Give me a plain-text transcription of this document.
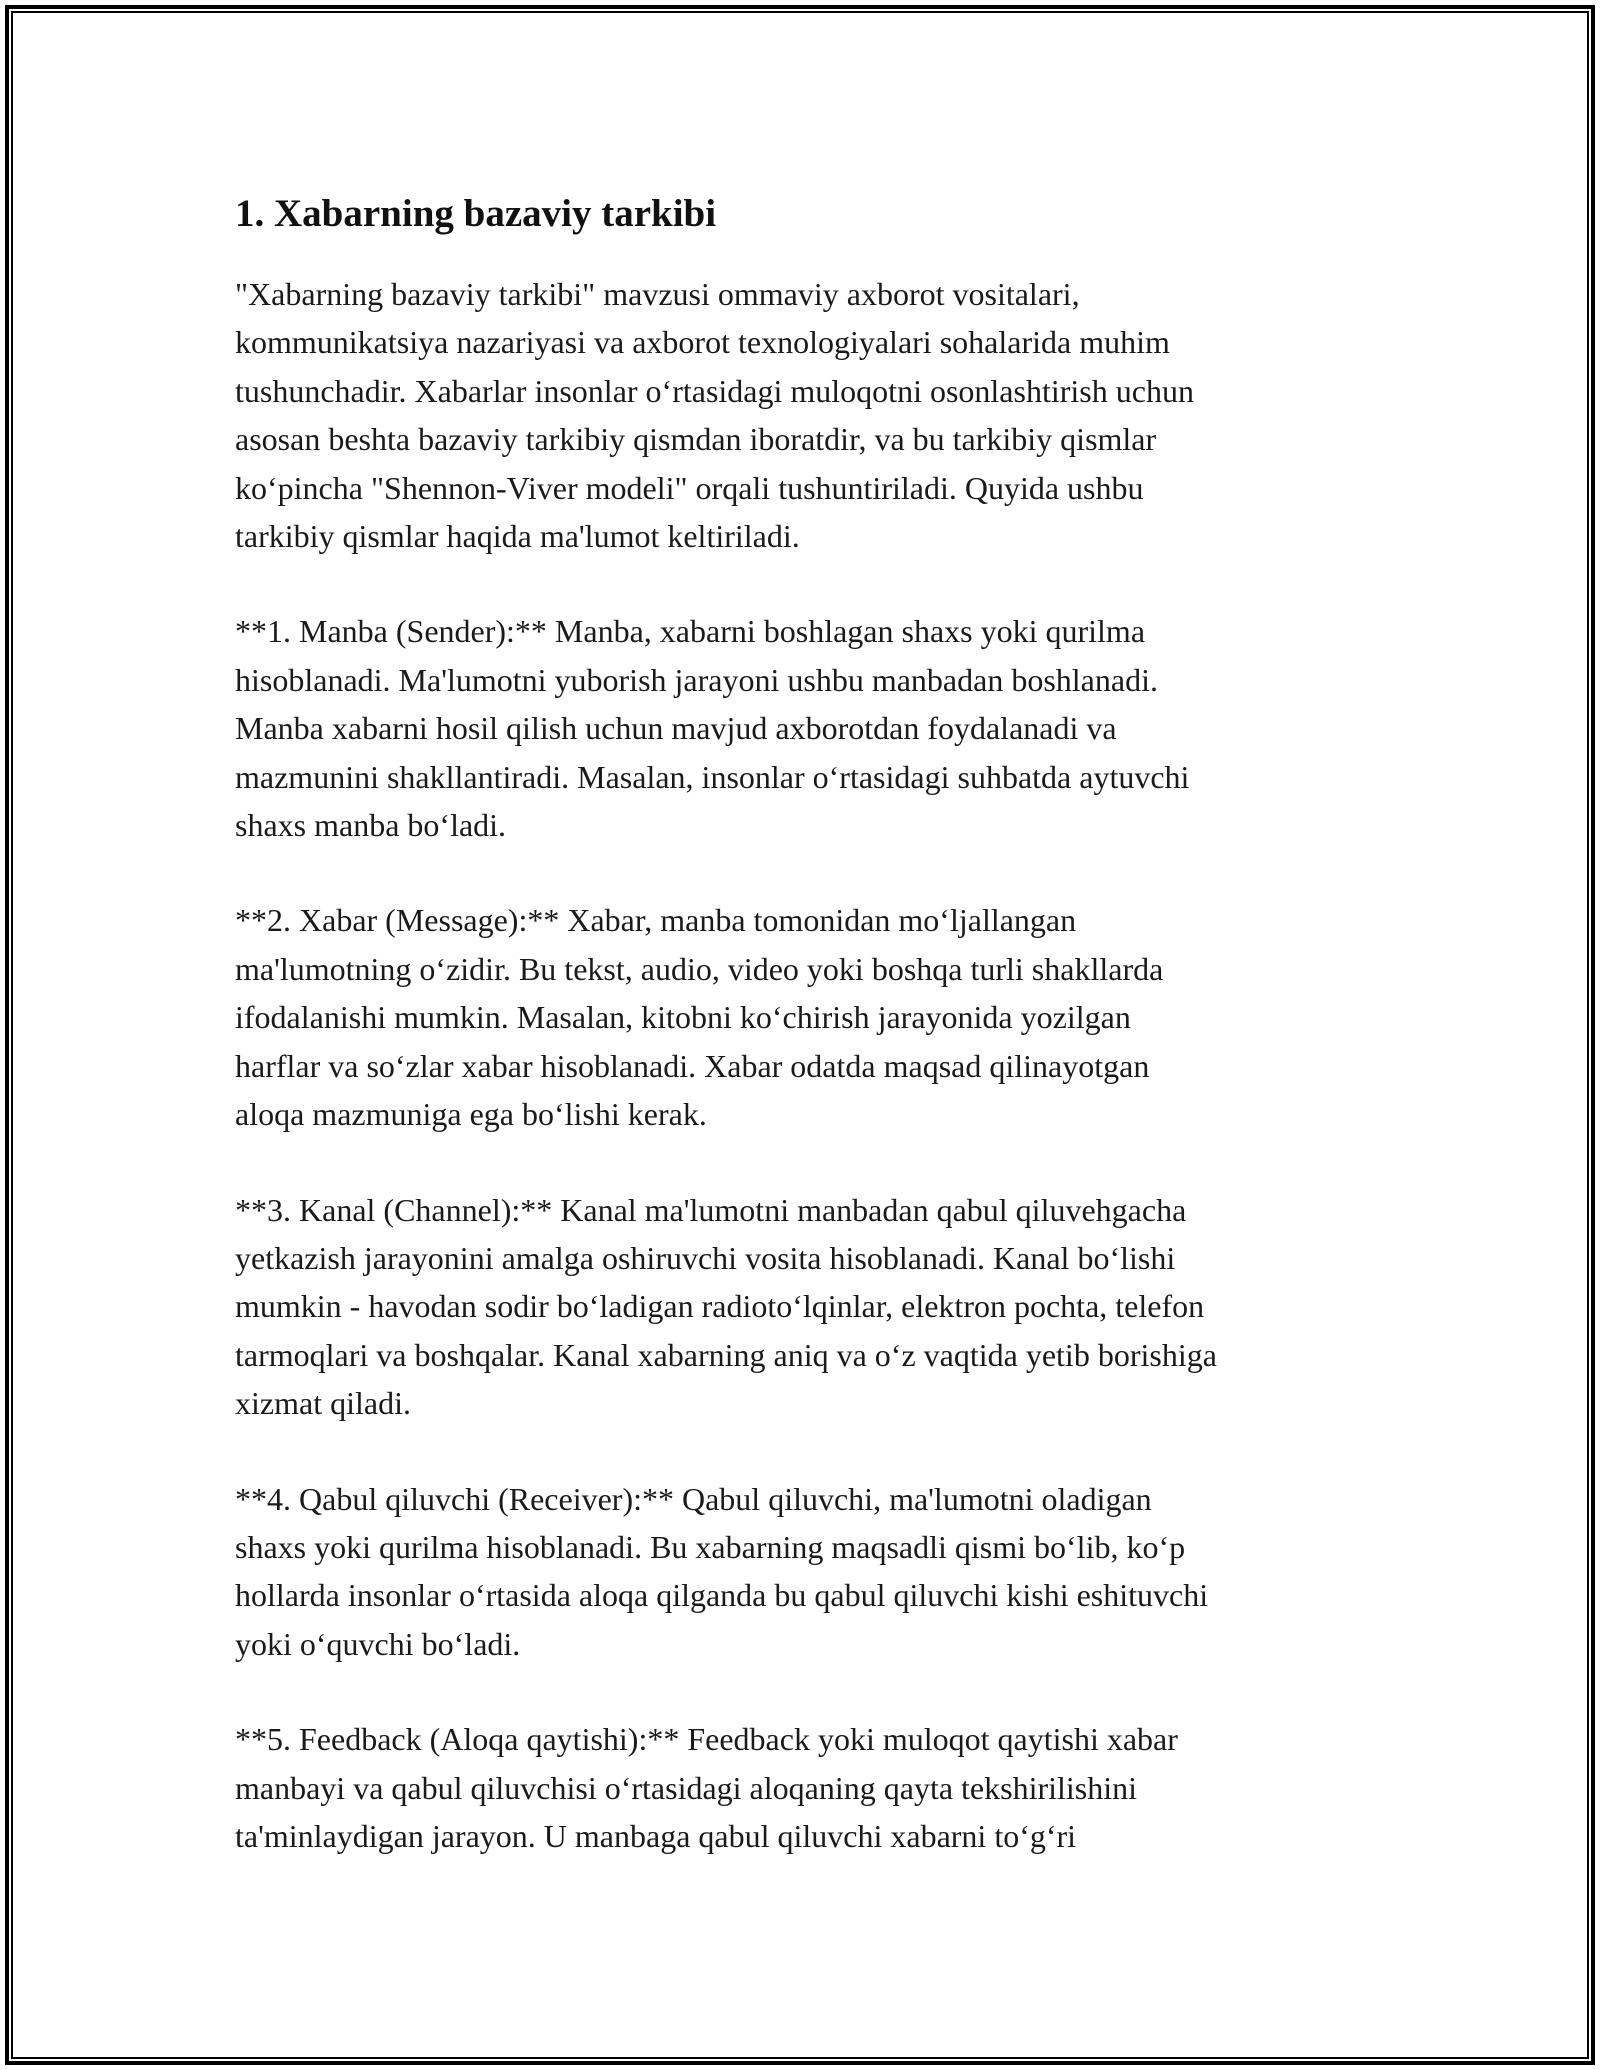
1. Xabarning bazaviy tarkibi

"Xabarning bazaviy tarkibi" mavzusi ommaviy axborot vositalari,
kommunikatsiya nazariyasi va axborot texnologiyalari sohalarida muhim
tushunchadir. Xabarlar insonlar o‘rtasidagi muloqotni osonlashtirish uchun
asosan beshta bazaviy tarkibiy qismdan iboratdir, va bu tarkibiy qismlar
ko‘pincha "Shennon-Viver modeli" orqali tushuntiriladi. Quyida ushbu
tarkibiy qismlar haqida ma'lumot keltiriladi.

**1. Manba (Sender):** Manba, xabarni boshlagan shaxs yoki qurilma
hisoblanadi. Ma'lumotni yuborish jarayoni ushbu manbadan boshlanadi.
Manba xabarni hosil qilish uchun mavjud axborotdan foydalanadi va
mazmunini shakllantiradi. Masalan, insonlar o‘rtasidagi suhbatda aytuvchi
shaxs manba bo‘ladi.

**2. Xabar (Message):** Xabar, manba tomonidan mo‘ljallangan
ma'lumotning o‘zidir. Bu tekst, audio, video yoki boshqa turli shakllarda
ifodalanishi mumkin. Masalan, kitobni ko‘chirish jarayonida yozilgan
harflar va so‘zlar xabar hisoblanadi. Xabar odatda maqsad qilinayotgan
aloqa mazmuniga ega bo‘lishi kerak.

**3. Kanal (Channel):** Kanal ma'lumotni manbadan qabul qiluvehgacha
yetkazish jarayonini amalga oshiruvchi vosita hisoblanadi. Kanal bo‘lishi
mumkin - havodan sodir bo‘ladigan radioto‘lqinlar, elektron pochta, telefon
tarmoqlari va boshqalar. Kanal xabarning aniq va o‘z vaqtida yetib borishiga
xizmat qiladi.

**4. Qabul qiluvchi (Receiver):** Qabul qiluvchi, ma'lumotni oladigan
shaxs yoki qurilma hisoblanadi. Bu xabarning maqsadli qismi bo‘lib, ko‘p
hollarda insonlar o‘rtasida aloqa qilganda bu qabul qiluvchi kishi eshituvchi
yoki o‘quvchi bo‘ladi.

**5. Feedback (Aloqa qaytishi):** Feedback yoki muloqot qaytishi xabar
manbayi va qabul qiluvchisi o‘rtasidagi aloqaning qayta tekshirilishini
ta'minlaydigan jarayon. U manbaga qabul qiluvchi xabarni to‘g‘ri
